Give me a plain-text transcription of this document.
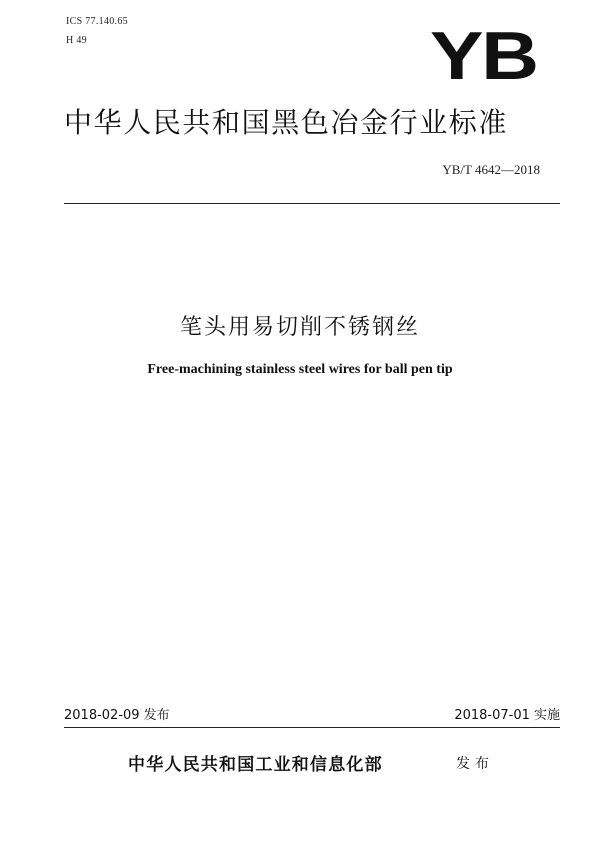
ICS 77.140.65
H 49	YB
中华人民共和国黑色冶金行业标准
YB/T 4642—2018
笔头用易切削不锈钢丝
Free-machining stainless steel wires for ball pen tip
2018-02-09 发布	2018-07-01 实施
中华人民共和国工业和信息化部	发布
